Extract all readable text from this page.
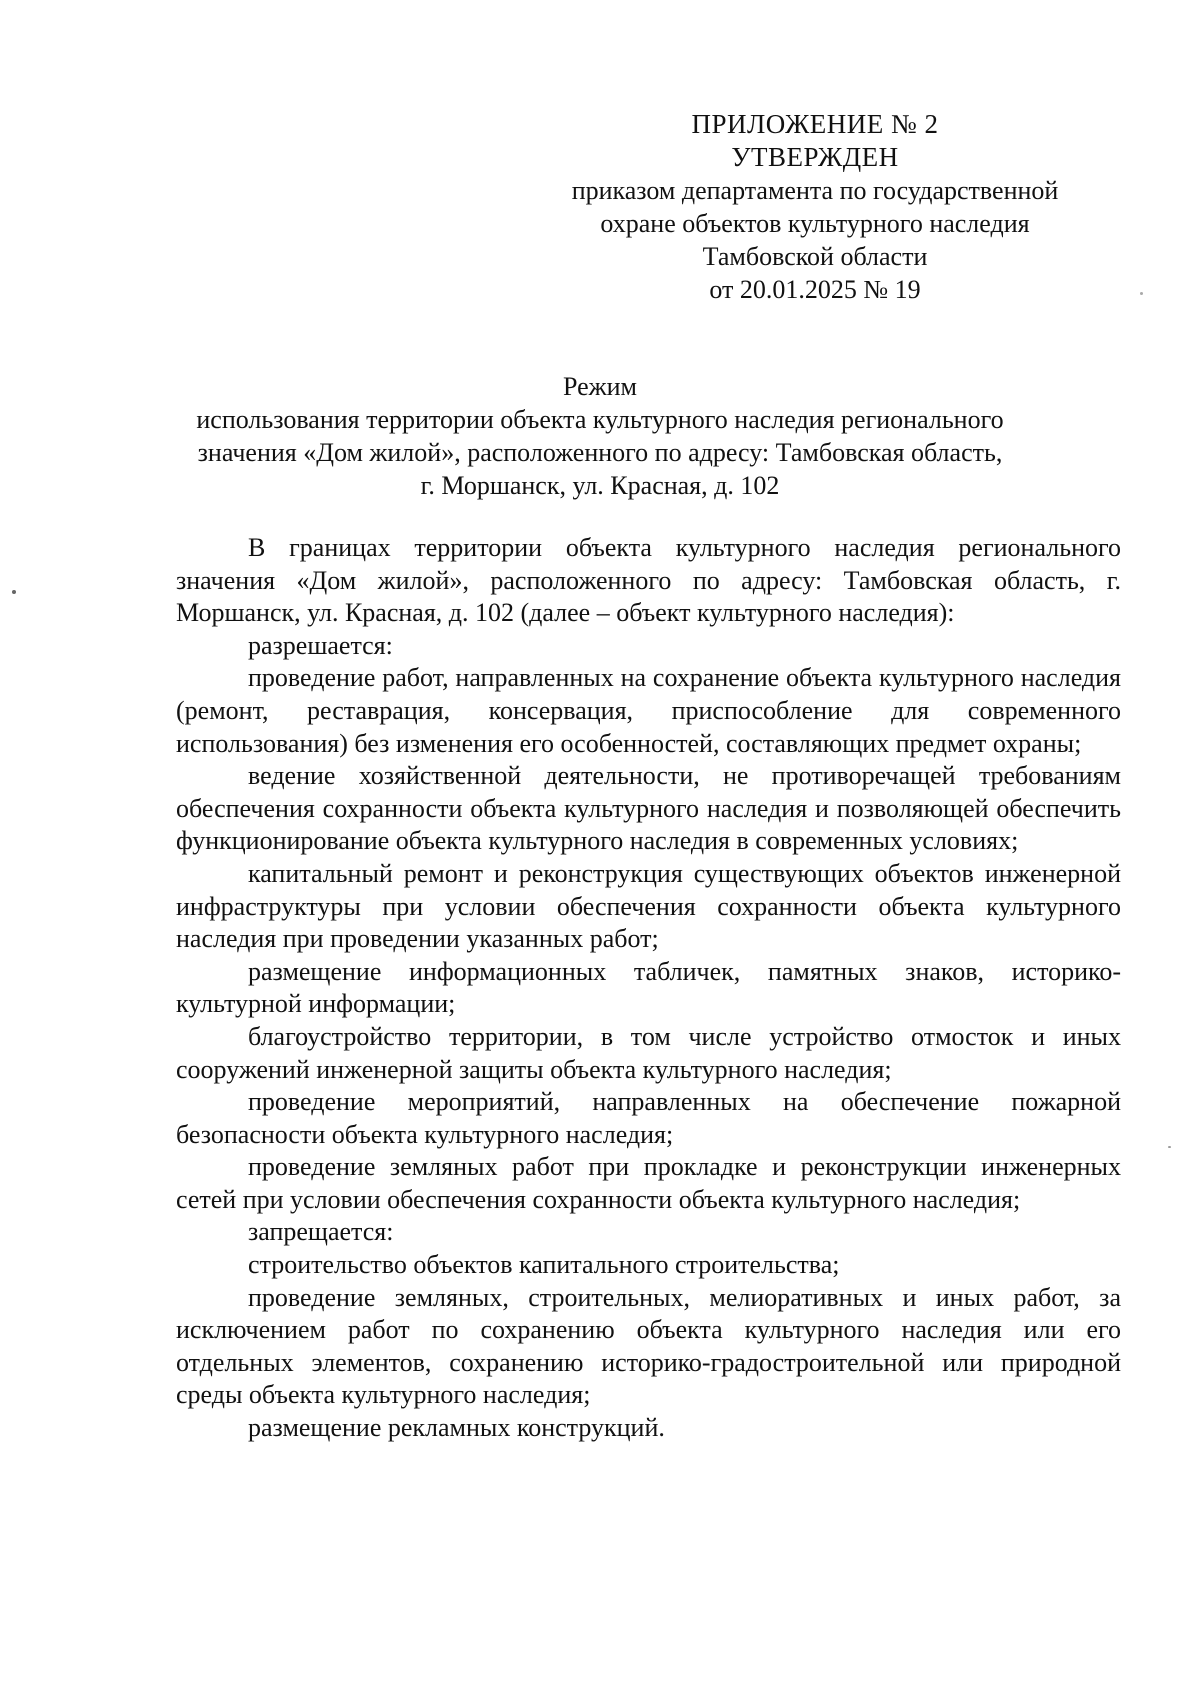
ПРИЛОЖЕНИЕ № 2
УТВЕРЖДЕН
приказом департамента по государственной
охране объектов культурного наследия
Тамбовской области
от 20.01.2025 № 19
Режим
использования территории объекта культурного наследия регионального
значения «Дом жилой», расположенного по адресу: Тамбовская область,
г. Моршанск, ул. Красная, д. 102

В границах территории объекта культурного наследия регионального значения «Дом жилой», расположенного по адресу: Тамбовская область, г. Моршанск, ул. Красная, д. 102 (далее – объект культурного наследия):

разрешается:

проведение работ, направленных на сохранение объекта культурного наследия (ремонт, реставрация, консервация, приспособление для современного использования) без изменения его особенностей, составляющих предмет охраны;

ведение хозяйственной деятельности, не противоречащей требованиям обеспечения сохранности объекта культурного наследия и позволяющей обеспечить функционирование объекта культурного наследия в современных условиях;

капитальный ремонт и реконструкция существующих объектов инженерной инфраструктуры при условии обеспечения сохранности объекта культурного наследия при проведении указанных работ;

размещение информационных табличек, памятных знаков, историко-культурной информации;

благоустройство территории, в том числе устройство отмосток и иных сооружений инженерной защиты объекта культурного наследия;

проведение мероприятий, направленных на обеспечение пожарной безопасности объекта культурного наследия;

проведение земляных работ при прокладке и реконструкции инженерных сетей при условии обеспечения сохранности объекта культурного наследия;

запрещается:

строительство объектов капитального строительства;

проведение земляных, строительных, мелиоративных и иных работ, за исключением работ по сохранению объекта культурного наследия или его отдельных элементов, сохранению историко-градостроительной или природной среды объекта культурного наследия;

размещение рекламных конструкций.
